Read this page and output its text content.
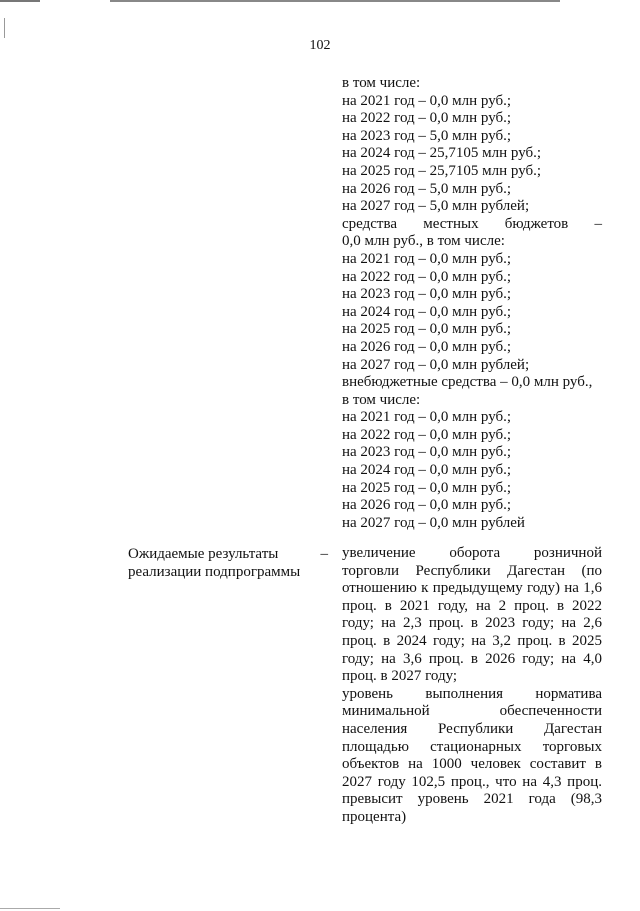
102
в том числе:
на 2021 год – 0,0 млн руб.;
на 2022 год – 0,0 млн руб.;
на 2023 год – 5,0 млн руб.;
на 2024 год – 25,7105 млн руб.;
на 2025 год – 25,7105 млн руб.;
на 2026 год – 5,0 млн руб.;
на 2027 год – 5,0 млн рублей;
средства местных бюджетов –
0,0 млн руб., в том числе:
на 2021 год – 0,0 млн руб.;
на 2022 год – 0,0 млн руб.;
на 2023 год – 0,0 млн руб.;
на 2024 год – 0,0 млн руб.;
на 2025 год – 0,0 млн руб.;
на 2026 год – 0,0 млн руб.;
на 2027 год – 0,0 млн рублей;
внебюджетные средства – 0,0 млн руб.,
в том числе:
на 2021 год – 0,0 млн руб.;
на 2022 год – 0,0 млн руб.;
на 2023 год – 0,0 млн руб.;
на 2024 год – 0,0 млн руб.;
на 2025 год – 0,0 млн руб.;
на 2026 год – 0,0 млн руб.;
на 2027 год – 0,0 млн рублей
Ожидаемые результаты	–
реализации подпрограммы

увеличение оборота розничной торговли Республики Дагестан (по отношению к предыдущему году) на 1,6 проц. в 2021 году, на 2 проц. в 2022 году; на 2,3 проц. в 2023 году; на 2,6 проц. в 2024 году; на 3,2 проц. в 2025 году; на 3,6 проц. в 2026 году; на 4,0 проц. в 2027 году;

уровень выполнения норматива минимальной обеспеченности населения Республики Дагестан площадью стационарных торговых объектов на 1000 человек составит в 2027 году 102,5 проц., что на 4,3 проц. превысит уровень 2021 года (98,3 процента)
